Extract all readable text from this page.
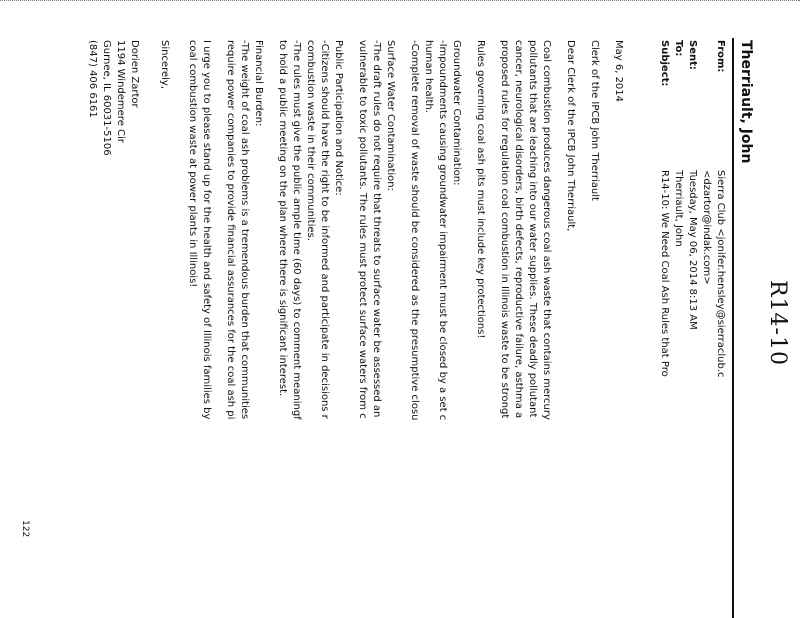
R14-10
Therriault, John
From:
Sierra Club <jonifer.hensley@sierraclub.c
<dzartor@indak.com>
Sent:
Tuesday, May 06, 2014 8:13 AM
To:
Therriault, John
Subject:
R14-10: We Need Coal Ash Rules that Pro
May 6, 2014
Clerk of the IPCB John Therriault
Dear Clerk of the IPCB John Therriault,
Coal combustion produces dangerous coal ash waste that contains mercury
pollutants that are leaching into our water supplies. These deadly pollutant
cancer, neurological disorders, birth defects, reproductive failure, asthma a
proposed rules for regulation coal combustion in Illinois waste to be strongt
Rules governing coal ash pits must include key protections!
Groundwater Contamination:
-Impoundments causing groundwater impairment must be closed by a set c
human health.
-Complete removal of waste should be considered as the presumptive closu
Surface Water Contamination:
-The draft rules do not require that threats to surface water be assessed an
vulnerable to toxic pollutants. The rules must protect surface waters from c
Public Participation and Notice:
-Citizens should have the right to be informed and participate in decisions r
combustion waste in their communities.
-The rules must give the public ample time (60 days) to comment meaningf
to hold a public meeting on the plan where there is significant interest.
Financial Burden:
-The weight of coal ash problems is a tremendous burden that communities
require power companies to provide financial assurances for the coal ash pi
I urge you to please stand up for the health and safety of Illinois families by
coal combustion waste at power plants in Illinois!
Sincerely,
Dorien Zartor
1194 Windemere Cir
Gurnee, IL 60031-5106
(847) 406 6161
122
